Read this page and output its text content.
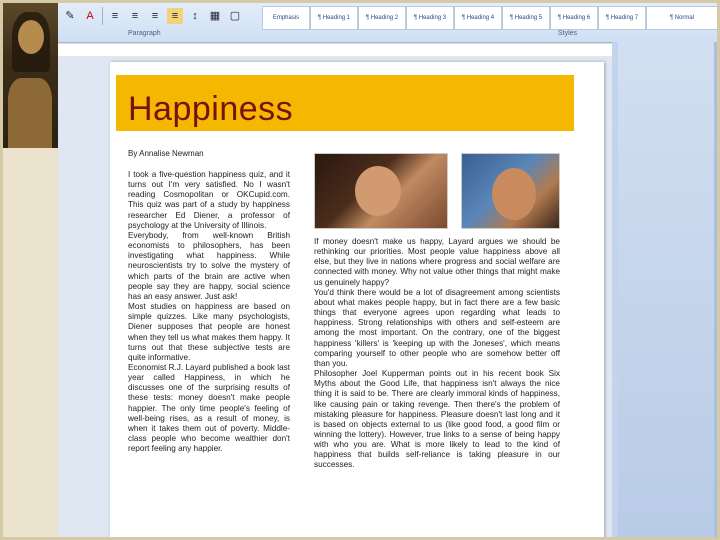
✎	A	≡	≡	≡	≡	↕	▦ ▢
Paragraph	Styles
Emphasis	¶ Heading 1	¶ Heading 2	¶ Heading 3	¶ Heading 4	¶ Heading 5	¶ Heading 6	¶ Heading 7	¶ Normal
Happiness
By Annalise Newman
I took a five-question happiness quiz, and it turns out I'm very satisfied. No I wasn't reading Cosmopolitan or OKCupid.com. This quiz was part of a study by happiness researcher Ed Diener, a professor of psychology at the University of Illinois.
Everybody, from well-known British economists to philosophers, has been investigating what happiness. While neuroscientists try to solve the mystery of which parts of the brain are active when people say they are happy, social science has an easy answer. Just ask!
Most studies on happiness are based on simple quizzes. Like many psychologists, Diener supposes that people are honest when they tell us what makes them happy. It turns out that these subjective tests are quite informative.
Economist R.J. Layard published a book last year called Happiness, in which he discusses one of the surprising results of these tests: money doesn't make people happier. The only time people's feeling of well-being rises, as a result of money, is when it takes them out of poverty. Middle-class people who become wealthier don't report feeling any happier.
If money doesn't make us happy, Layard argues we should be rethinking our priorities. Most people value happiness above all else, but they live in nations where progress and social welfare are connected with money. Why not value other things that might make us genuinely happy?
You'd think there would be a lot of disagreement among scientists about what makes people happy, but in fact there are a few basic things that everyone agrees upon regarding what leads to happiness. Strong relationships with others and self-esteem are among the most important. On the contrary, one of the biggest happiness 'killers' is 'keeping up with the Joneses', which means comparing yourself to other people who are somehow better off than you.
Philosopher Joel Kupperman points out in his recent book Six Myths about the Good Life, that happiness isn't always the nice thing it is said to be. There are clearly immoral kinds of happiness, like causing pain or taking revenge. Then there's the problem of mistaking pleasure for happiness. Pleasure doesn't last long and it is based on objects external to us (like good food, a good film or winning the lottery). However, true links to a sense of being happy with who you are. What is more likely to lead to the kind of happiness that builds self-reliance is taking pleasure in our successes.
